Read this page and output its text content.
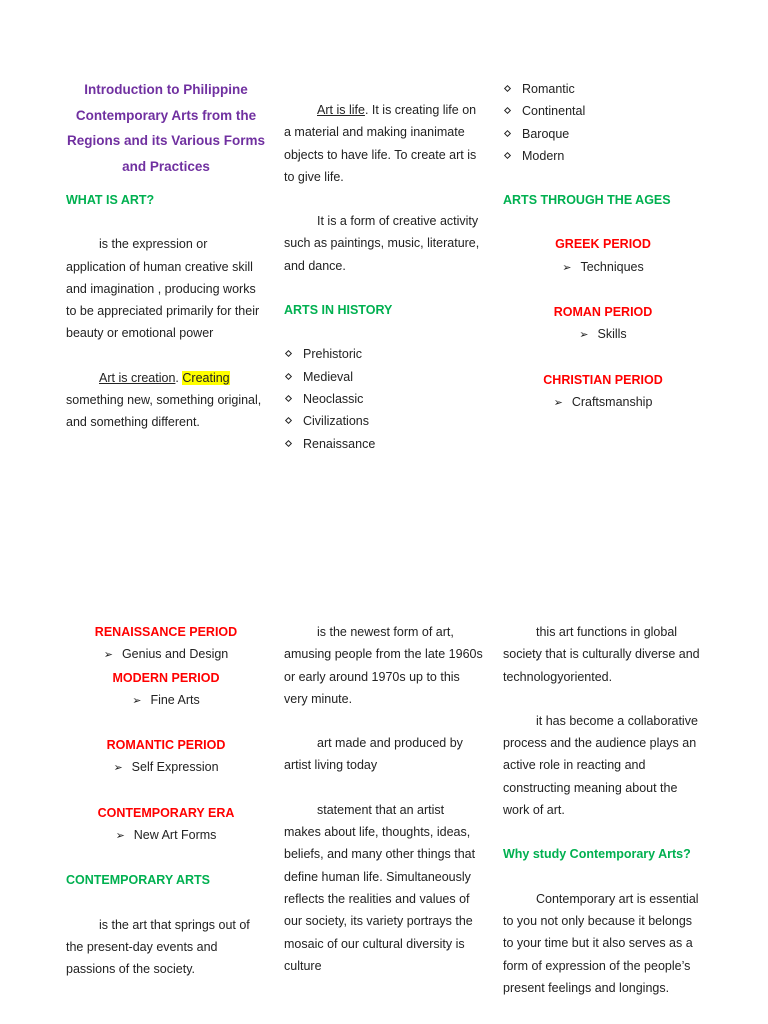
Introduction to Philippine Contemporary Arts from the Regions and its Various Forms and Practices

WHAT IS ART?

is the expression or application of human creative skill and imagination , producing works to be appreciated primarily for their beauty or emotional power

Art is creation. Creating something new, something original, and something different.

Art is life. It is creating life on a material and making inanimate objects to have life. To create art is to give life.

It is a form of creative activity such as paintings, music, literature, and dance.

ARTS IN HISTORY

Prehistoric
Medieval
Neoclassic
Civilizations
Renaissance
Romantic
Continental
Baroque
Modern

ARTS THROUGH THE AGES

GREEK PERIOD

➢ Techniques

ROMAN PERIOD

➢ Skills

CHRISTIAN PERIOD

➢ Craftsmanship

RENAISSANCE PERIOD

➢ Genius and Design

MODERN PERIOD

➢ Fine Arts

ROMANTIC PERIOD

➢ Self Expression

CONTEMPORARY ERA

➢ New Art Forms

CONTEMPORARY ARTS

is the art that springs out of the present-day events and passions of the society.

is the newest form of art, amusing people from the late 1960s or early around 1970s up to this very minute.

art made and produced by artist living today

statement that an artist makes about life, thoughts, ideas, beliefs, and many other things that define human life. Simultaneously reflects the realities and values of our society, its variety portrays the mosaic of our cultural diversity is culture

this art functions in global society that is culturally diverse and technologyoriented.

it has become a collaborative process and the audience plays an active role in reacting and constructing meaning about the work of art.

Why study Contemporary Arts?

Contemporary art is essential to you not only because it belongs to your time but it also serves as a form of expression of the people’s present feelings and longings.
